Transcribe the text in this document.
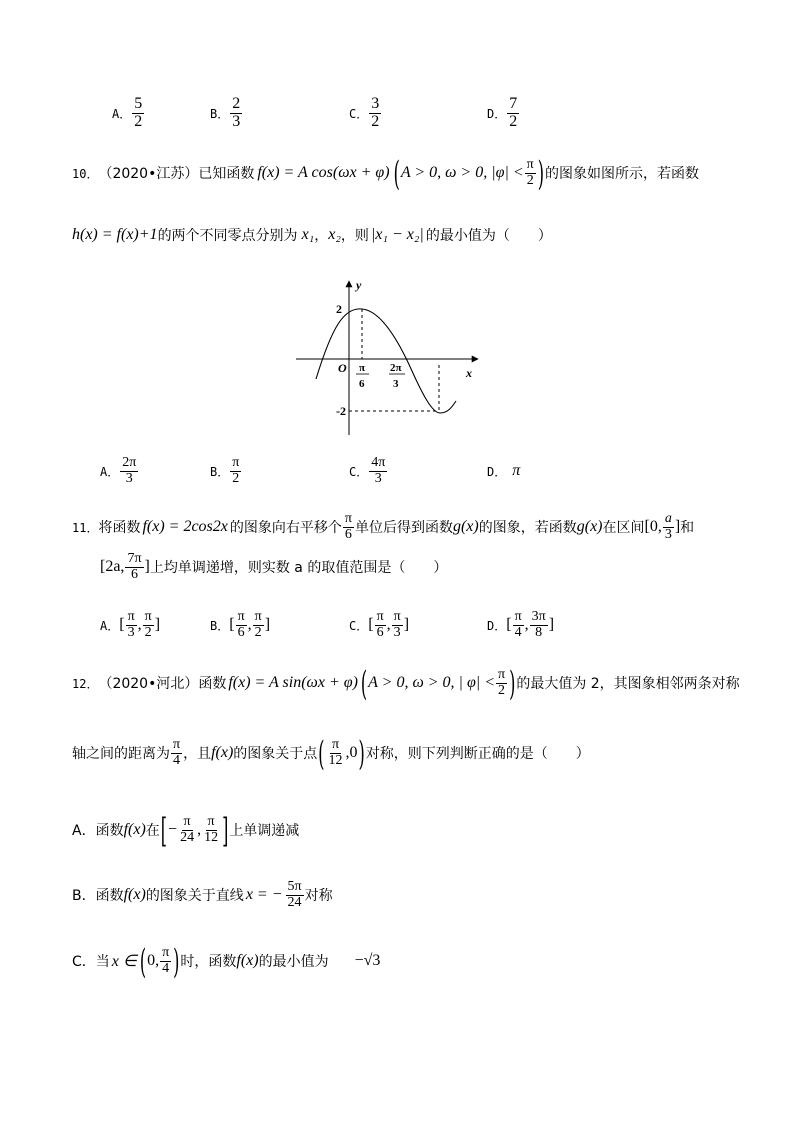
A． $\frac{5}{2}$	B． $\frac{2}{3}$	C． $\frac{3}{2}$	D． $\frac{7}{2}$
10． （2020•江苏） 已知函数 f(x) = A cos(ωx + φ) ( A > 0, ω > 0, $|\varphi| < \frac{\pi}{2}$ ) 的图象如图所示，若函数
h(x) = f(x)+1 的两个不同零点分别为 x₁ ， x₂ ，则 |x₁ − x₂| 的最小值为（　　）
y
x
O
2
-2
π
6
2π
3
A． $\frac{2\pi}{3}$	B． $\frac{\pi}{2}$	C． $\frac{4\pi}{3}$	D． π
11． 将函数 f(x) = 2cos2x 的图象向右平移个 $\frac{\pi}{6}$ 单位后得到函数 g(x) 的图象，若函数 g(x) 在区间 [0, $\frac{a}{3}$ ] 和
[2a, $\frac{7\pi}{6}$ ] 上均单调递增，则实数 a 的取值范围是（　　）
A． [ $\frac{\pi}{3}$ , $\frac{\pi}{2}$ ]	B． [ $\frac{\pi}{6}$ , $\frac{\pi}{2}$ ]	C． [ $\frac{\pi}{6}$ , $\frac{\pi}{3}$ ]	D． [ $\frac{\pi}{4}$ , $\frac{3\pi}{8}$ ]
12． （2020•河北） 函数 f(x) = A sin(ωx + φ) ( A > 0, ω > 0, | $\varphi| < \frac{\pi}{2}$ ) 的最大值为 2，其图象相邻两条对称
轴之间的距离为 $\frac{\pi}{4}$ ，且 f(x) 的图象关于点 ( $\frac{\pi}{12} ,0$ ) 对称，则下列判断正确的是（　　）
A．函数 f(x) 在 [ − $\frac{\pi}{24}$ , $\frac{\pi}{12}$ ] 上单调递减
B．函数 f(x) 的图象关于直线 x = − $\frac{5\pi}{24}$ 对称
C．当 x ∈ ( 0, $\frac{\pi}{4}$ ) 时，函数 f(x) 的最小值为 −√3
